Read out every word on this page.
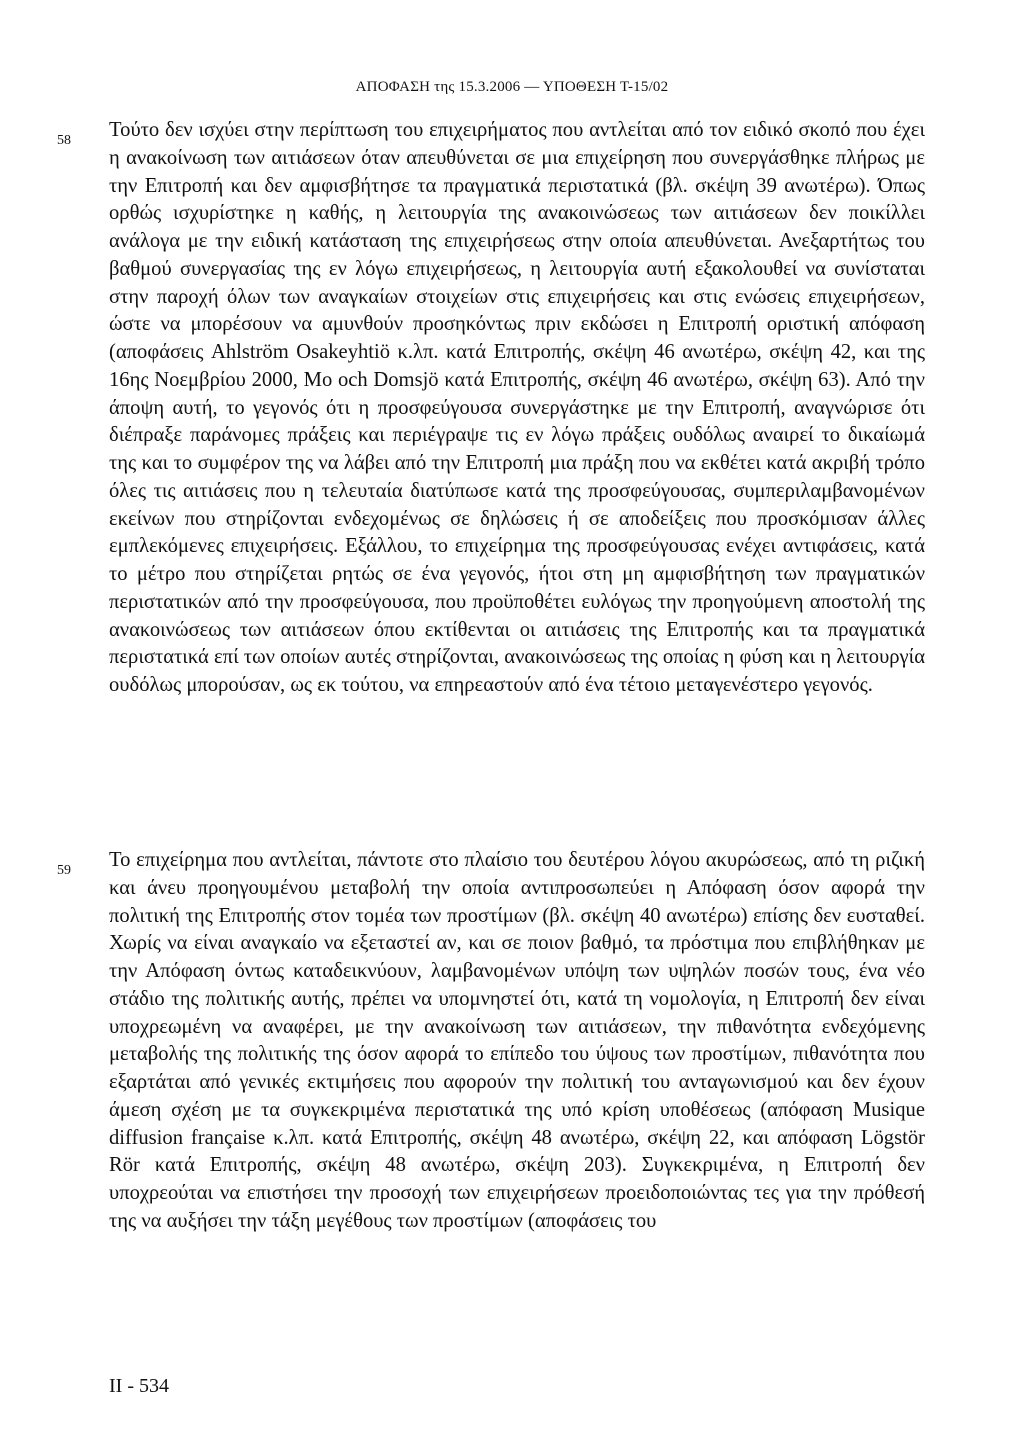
ΑΠΟΦΑΣΗ της 15.3.2006 — ΥΠΟΘΕΣΗ Τ-15/02
58 Τούτο δεν ισχύει στην περίπτωση του επιχειρήματος που αντλείται από τον ειδικό σκοπό που έχει η ανακοίνωση των αιτιάσεων όταν απευθύνεται σε μια επιχείρηση που συνεργάσθηκε πλήρως με την Επιτροπή και δεν αμφισβήτησε τα πραγματικά περιστατικά (βλ. σκέψη 39 ανωτέρω). Όπως ορθώς ισχυρίστηκε η καθής, η λειτουργία της ανακοινώσεως των αιτιάσεων δεν ποικίλλει ανάλογα με την ειδική κατάσταση της επιχειρήσεως στην οποία απευθύνεται. Ανεξαρτήτως του βαθμού συνεργασίας της εν λόγω επιχειρήσεως, η λειτουργία αυτή εξακολουθεί να συνίσταται στην παροχή όλων των αναγκαίων στοιχείων στις επιχειρήσεις και στις ενώσεις επιχειρήσεων, ώστε να μπορέσουν να αμυνθούν προσηκόντως πριν εκδώσει η Επιτροπή οριστική απόφαση (αποφάσεις Ahlström Osakeyhtiö κ.λπ. κατά Επιτροπής, σκέψη 46 ανωτέρω, σκέψη 42, και της 16ης Νοεμβρίου 2000, Mo och Domsjö κατά Επιτροπής, σκέψη 46 ανωτέρω, σκέψη 63). Από την άποψη αυτή, το γεγονός ότι η προσφεύγουσα συνεργάστηκε με την Επιτροπή, αναγνώρισε ότι διέπραξε παράνομες πράξεις και περιέγραψε τις εν λόγω πράξεις ουδόλως αναιρεί το δικαίωμά της και το συμφέρον της να λάβει από την Επιτροπή μια πράξη που να εκθέτει κατά ακριβή τρόπο όλες τις αιτιάσεις που η τελευταία διατύπωσε κατά της προσφεύγουσας, συμπεριλαμβανομένων εκείνων που στηρίζονται ενδεχομένως σε δηλώσεις ή σε αποδείξεις που προσκόμισαν άλλες εμπλεκόμενες επιχειρήσεις. Εξάλλου, το επιχείρημα της προσφεύγουσας ενέχει αντιφάσεις, κατά το μέτρο που στηρίζεται ρητώς σε ένα γεγονός, ήτοι στη μη αμφισβήτηση των πραγματικών περιστατικών από την προσφεύγουσα, που προϋποθέτει ευλόγως την προηγούμενη αποστολή της ανακοινώσεως των αιτιάσεων όπου εκτίθενται οι αιτιάσεις της Επιτροπής και τα πραγματικά περιστατικά επί των οποίων αυτές στηρίζονται, ανακοινώσεως της οποίας η φύση και η λειτουργία ουδόλως μπορούσαν, ως εκ τούτου, να επηρεαστούν από ένα τέτοιο μεταγενέστερο γεγονός.

59 Το επιχείρημα που αντλείται, πάντοτε στο πλαίσιο του δευτέρου λόγου ακυρώσεως, από τη ριζική και άνευ προηγουμένου μεταβολή την οποία αντιπροσωπεύει η Απόφαση όσον αφορά την πολιτική της Επιτροπής στον τομέα των προστίμων (βλ. σκέψη 40 ανωτέρω) επίσης δεν ευσταθεί. Χωρίς να είναι αναγκαίο να εξεταστεί αν, και σε ποιον βαθμό, τα πρόστιμα που επιβλήθηκαν με την Απόφαση όντως καταδεικνύουν, λαμβανομένων υπόψη των υψηλών ποσών τους, ένα νέο στάδιο της πολιτικής αυτής, πρέπει να υπομνηστεί ότι, κατά τη νομολογία, η Επιτροπή δεν είναι υποχρεωμένη να αναφέρει, με την ανακοίνωση των αιτιάσεων, την πιθανότητα ενδεχόμενης μεταβολής της πολιτικής της όσον αφορά το επίπεδο του ύψους των προστίμων, πιθανότητα που εξαρτάται από γενικές εκτιμήσεις που αφορούν την πολιτική του ανταγωνισμού και δεν έχουν άμεση σχέση με τα συγκεκριμένα περιστατικά της υπό κρίση υποθέσεως (απόφαση Musique diffusion française κ.λπ. κατά Επιτροπής, σκέψη 48 ανωτέρω, σκέψη 22, και απόφαση Lögstör Rör κατά Επιτροπής, σκέψη 48 ανωτέρω, σκέψη 203). Συγκεκριμένα, η Επιτροπή δεν υποχρεούται να επιστήσει την προσοχή των επιχειρήσεων προειδοποιώντας τες για την πρόθεσή της να αυξήσει την τάξη μεγέθους των προστίμων (αποφάσεις του

II - 534
